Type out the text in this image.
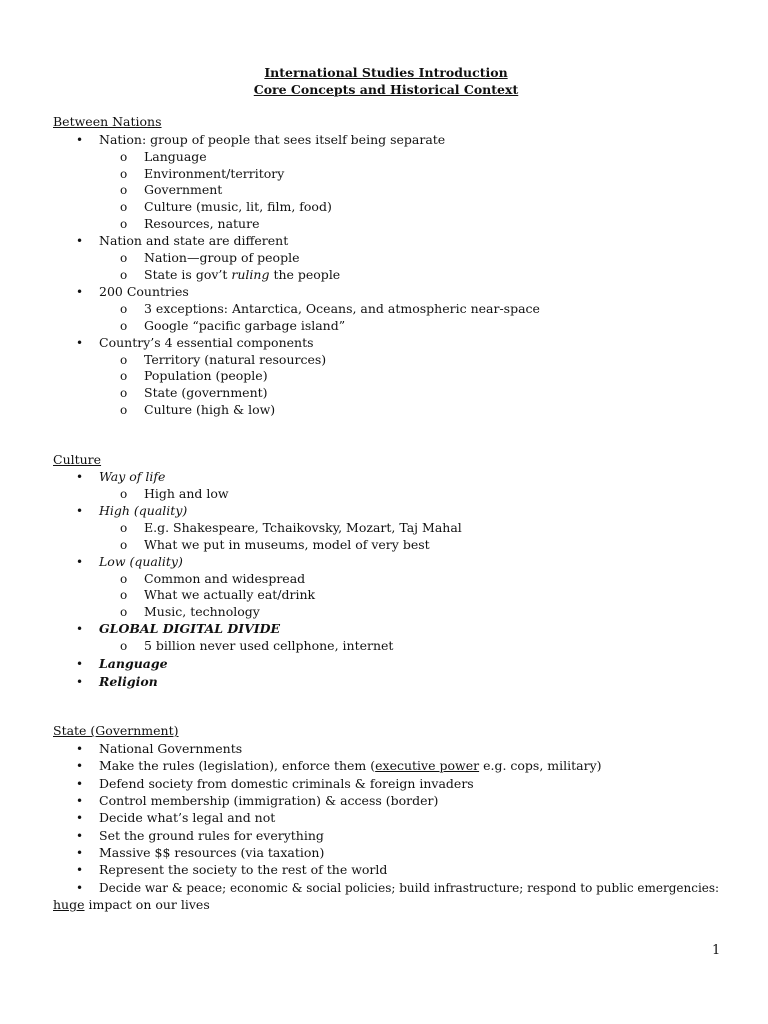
International Studies Introduction
Core Concepts and Historical Context
Between Nations
• Nation: group of people that sees itself being separate
o Language
o Environment/territory
o Government
o Culture (music, lit, film, food)
o Resources, nature
• Nation and state are different
o Nation—group of people
o State is gov’t ruling the people
• 200 Countries
o 3 exceptions: Antarctica, Oceans, and atmospheric near-space
o Google “pacific garbage island”
• Country’s 4 essential components
o Territory (natural resources)
o Population (people)
o State (government)
o Culture (high & low)
Culture
• Way of life
o High and low
• High (quality)
o E.g. Shakespeare, Tchaikovsky, Mozart, Taj Mahal
o What we put in museums, model of very best
• Low (quality)
o Common and widespread
o What we actually eat/drink
o Music, technology
• GLOBAL DIGITAL DIVIDE
o 5 billion never used cellphone, internet
• Language
• Religion
State (Government)
• National Governments
• Make the rules (legislation), enforce them (executive power e.g. cops, military)
• Defend society from domestic criminals & foreign invaders
• Control membership (immigration) & access (border)
• Decide what’s legal and not
• Set the ground rules for everything
• Massive $$ resources (via taxation)
• Represent the society to the rest of the world
• Decide war & peace; economic & social policies; build infrastructure; respond to public emergencies:
huge impact on our lives
1
